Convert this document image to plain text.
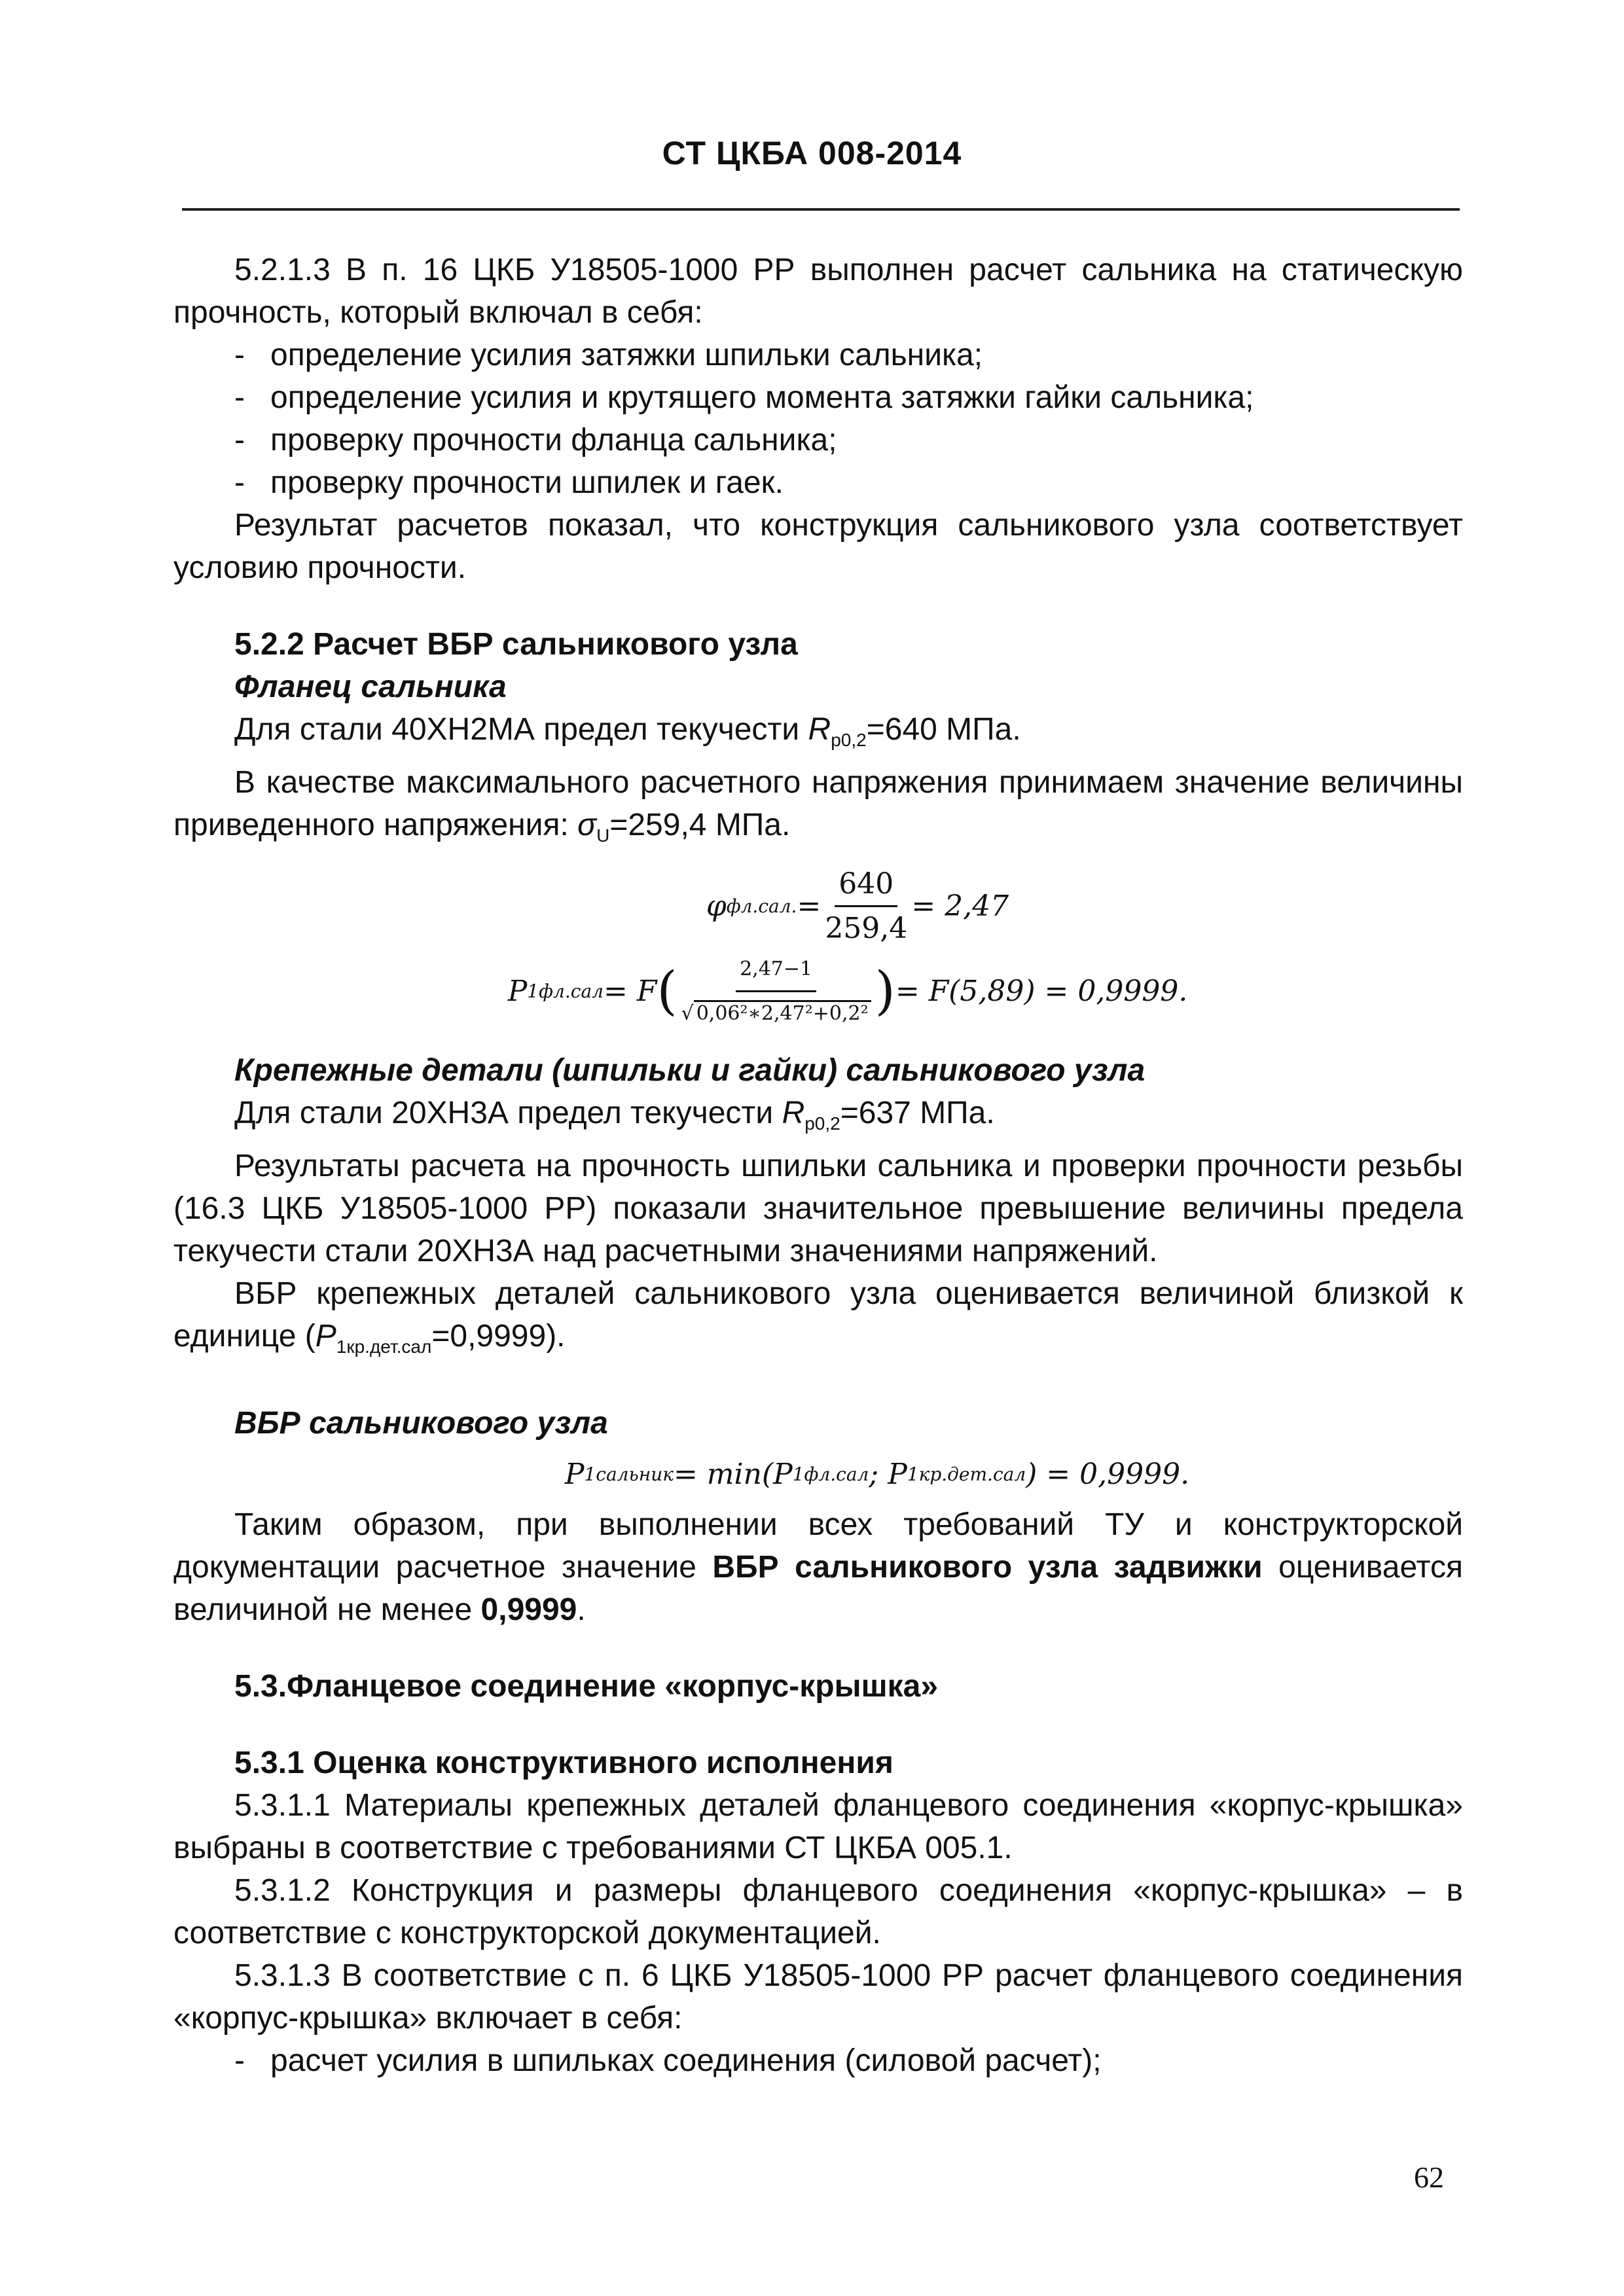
СТ ЦКБА 008-2014

5.2.1.3 В п. 16 ЦКБ У18505-1000 РР выполнен расчет сальника на статическую прочность, который включал в себя:

- определение усилия затяжки шпильки сальника;
- определение усилия и крутящего момента затяжки гайки сальника;
- проверку прочности фланца сальника;
- проверку прочности шпилек и гаек.

Результат расчетов показал, что конструкция сальникового узла соответствует условию прочности.

5.2.2 Расчет ВБР сальникового узла
Фланец сальника

Для стали 40ХН2МА предел текучести $R_{p0,2}=640$ МПа.

В качестве максимального расчетного напряжения принимаем значение величины приведенного напряжения: $\sigma_U=259,4$ МПа.

φ фл.сал. = $\frac{640}{259,4} = 2,47$
P 1фл.сал = F ( $\frac{2,47-1}{\text{√ 0,06²∗2,47²+0,2²}}$ ) = F(5,89) = 0,9999.
Крепежные детали (шпильки и гайки) сальникового узла

Для стали 20ХН3А предел текучести $R_{p0,2}=637$ МПа.

Результаты расчета на прочность шпильки сальника и проверки прочности резьбы (16.3 ЦКБ У18505-1000 РР) показали значительное превышение величины предела текучести стали 20ХН3А над расчетными значениями напряжений.

ВБР крепежных деталей сальникового узла оценивается величиной близкой к единице $(P_{1кр.дет.сал}=0,9999)$.

ВБР сальникового узла
P 1сальник = min(P 1фл.сал ; P 1кр.дет.сал ) = 0,9999.

Таким образом, при выполнении всех требований ТУ и конструкторской документации расчетное значение ВБР сальникового узла задвижки оценивается величиной не менее 0,9999.

5.3.Фланцевое соединение «корпус-крышка»
5.3.1 Оценка конструктивного исполнения

5.3.1.1 Материалы крепежных деталей фланцевого соединения «корпус-крышка» выбраны в соответствие с требованиями СТ ЦКБА 005.1.

5.3.1.2 Конструкция и размеры фланцевого соединения «корпус-крышка» – в соответствие с конструкторской документацией.

5.3.1.3 В соответствие с п. 6 ЦКБ У18505-1000 РР расчет фланцевого соединения «корпус-крышка» включает в себя:

- расчет усилия в шпильках соединения (силовой расчет);
62
